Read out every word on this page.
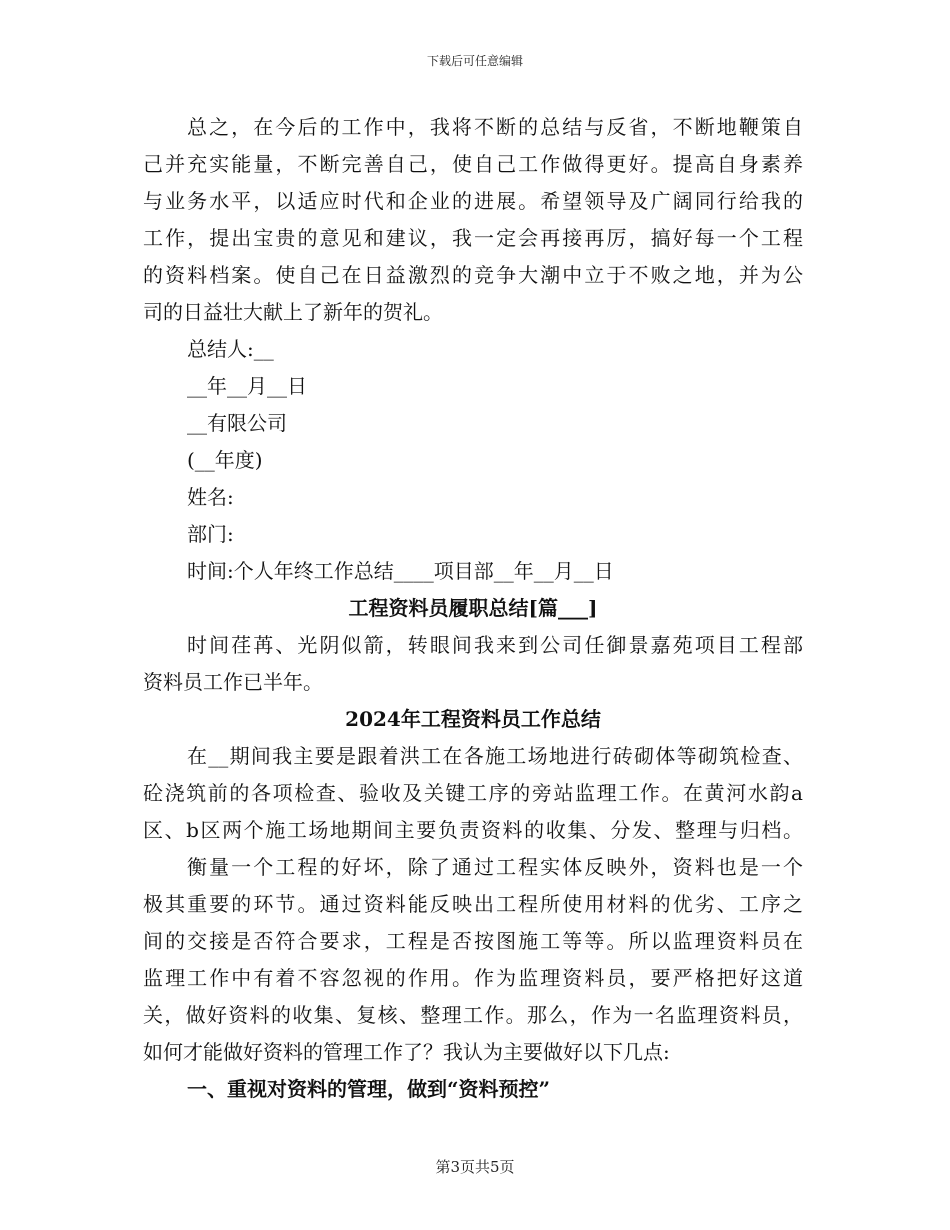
下载后可任意编辑
总之，在今后的工作中，我将不断的总结与反省，不断地鞭策自
己并充实能量，不断完善自己，使自己工作做得更好。提高自身素养
与业务水平，以适应时代和企业的进展。希望领导及广阔同行给我的
工作，提出宝贵的意见和建议，我一定会再接再厉，搞好每一个工程
的资料档案。使自己在日益激烈的竞争大潮中立于不败之地，并为公
司的日益壮大献上了新年的贺礼。
总结人:__
__年__月__日
__有限公司
(__年度)
姓名:
部门:
时间:个人年终工作总结____项目部__年__月__日
工程资料员履职总结[篇___]
时间荏苒、光阴似箭，转眼间我来到公司任御景嘉苑项目工程部
资料员工作已半年。
2024年工程资料员工作总结
在__期间我主要是跟着洪工在各施工场地进行砖砌体等砌筑检查、
砼浇筑前的各项检查、验收及关键工序的旁站监理工作。在黄河水韵a
区、b区两个施工场地期间主要负责资料的收集、分发、整理与归档。
衡量一个工程的好坏，除了通过工程实体反映外，资料也是一个
极其重要的环节。通过资料能反映出工程所使用材料的优劣、工序之
间的交接是否符合要求，工程是否按图施工等等。所以监理资料员在
监理工作中有着不容忽视的作用。作为监理资料员，要严格把好这道
关，做好资料的收集、复核、整理工作。那么，作为一名监理资料员，
如何才能做好资料的管理工作了？我认为主要做好以下几点:
一、重视对资料的管理，做到“资料预控”
第3页共5页
